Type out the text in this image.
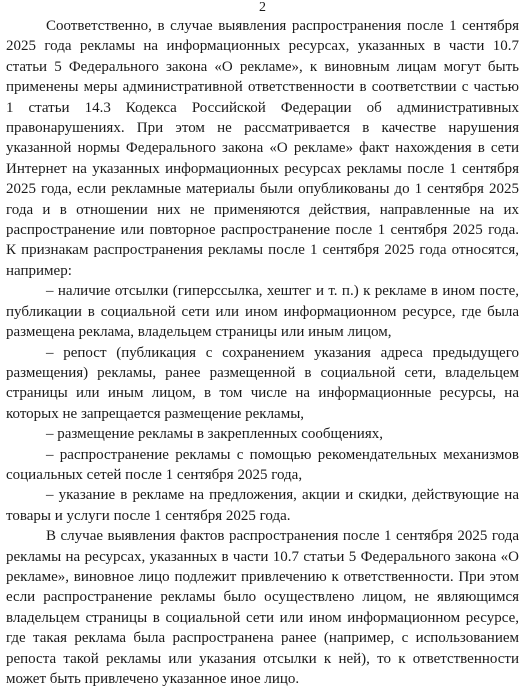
2

Соответственно, в случае выявления распространения после 1 сентября 2025 года рекламы на информационных ресурсах, указанных в части 10.7 статьи 5 Федерального закона «О рекламе», к виновным лицам могут быть применены меры административной ответственности в соответствии с частью 1 статьи 14.3 Кодекса Российской Федерации об административных правонарушениях. При этом не рассматривается в качестве нарушения указанной нормы Федерального закона «О рекламе» факт нахождения в сети Интернет на указанных информационных ресурсах рекламы после 1 сентября 2025 года, если рекламные материалы были опубликованы до 1 сентября 2025 года и в отношении них не применяются действия, направленные на их распространение или повторное распространение после 1 сентября 2025 года. К признакам распространения рекламы после 1 сентября 2025 года относятся, например:

– наличие отсылки (гиперссылка, хештег и т. п.) к рекламе в ином посте, публикации в социальной сети или ином информационном ресурсе, где была размещена реклама, владельцем страницы или иным лицом,

– репост (публикация с сохранением указания адреса предыдущего размещения) рекламы, ранее размещенной в социальной сети, владельцем страницы или иным лицом, в том числе на информационные ресурсы, на которых не запрещается размещение рекламы,

– размещение рекламы в закрепленных сообщениях,

– распространение рекламы с помощью рекомендательных механизмов социальных сетей после 1 сентября 2025 года,

– указание в рекламе на предложения, акции и скидки, действующие на товары и услуги после 1 сентября 2025 года.

В случае выявления фактов распространения после 1 сентября 2025 года рекламы на ресурсах, указанных в части 10.7 статьи 5 Федерального закона «О рекламе», виновное лицо подлежит привлечению к ответственности. При этом если распространение рекламы было осуществлено лицом, не являющимся владельцем страницы в социальной сети или ином информационном ресурсе, где такая реклама была распространена ранее (например, с использованием репоста такой рекламы или указания отсылки к ней), то к ответственности может быть привлечено указанное иное лицо.
